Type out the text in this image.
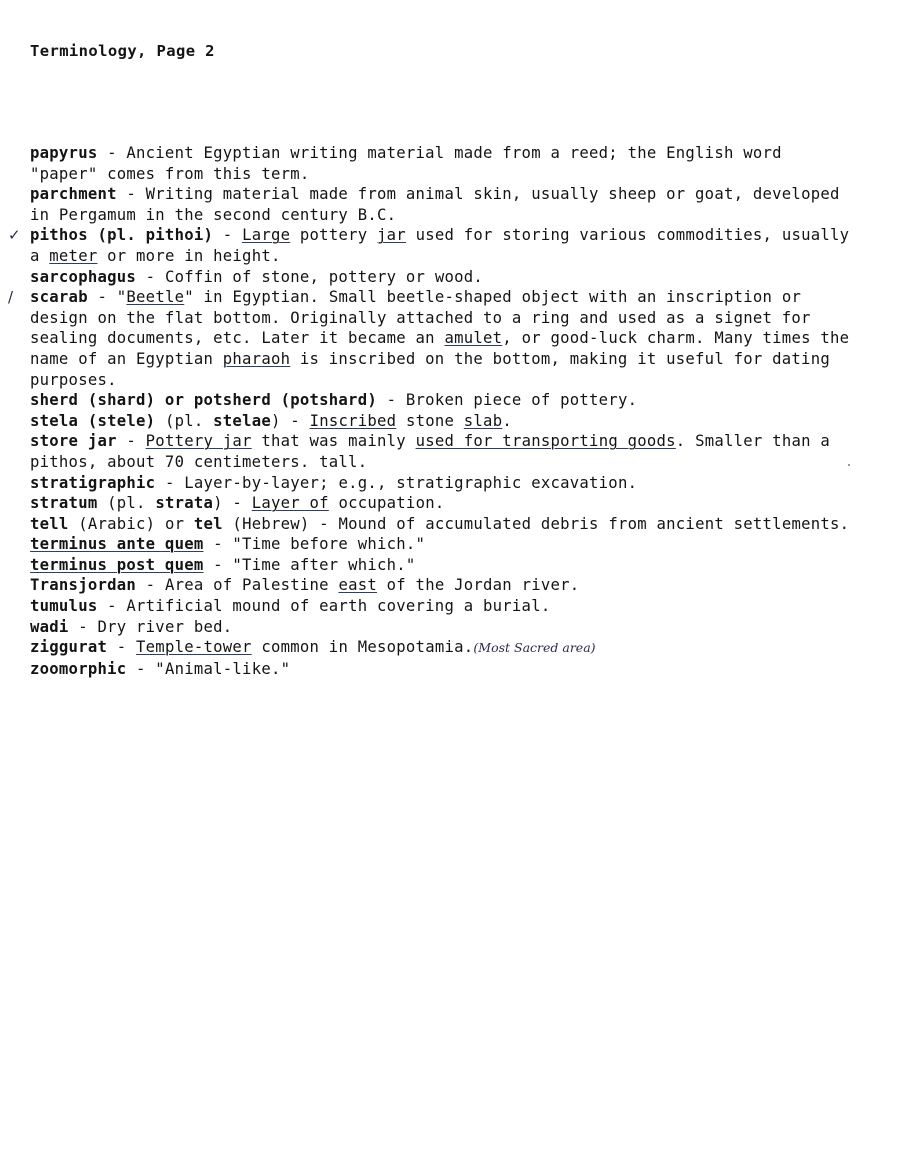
Terminology, Page 2

papyrus - Ancient Egyptian writing material made from a reed; the English word "paper" comes from this term.

parchment - Writing material made from animal skin, usually sheep or goat, developed in Pergamum in the second century B.C.

✓ pithos (pl. pithoi) - Large pottery jar used for storing various commodities, usually a meter or more in height.

sarcophagus - Coffin of stone, pottery or wood.

/ scarab - "Beetle" in Egyptian. Small beetle-shaped object with an inscription or design on the flat bottom. Originally attached to a ring and used as a signet for sealing documents, etc. Later it became an amulet, or good-luck charm. Many times the name of an Egyptian pharaoh is inscribed on the bottom, making it useful for dating purposes.

sherd (shard) or potsherd (potshard) - Broken piece of pottery.

stela (stele) (pl. stelae) - Inscribed stone slab.

store jar - Pottery jar that was mainly used for transporting goods. Smaller than a pithos, about 70 centimeters. tall.

stratigraphic - Layer-by-layer; e.g., stratigraphic excavation.

stratum (pl. strata) - Layer of occupation.

tell (Arabic) or tel (Hebrew) - Mound of accumulated debris from ancient settlements.

terminus ante quem - "Time before which."

terminus post quem - "Time after which."

Transjordan - Area of Palestine east of the Jordan river.

tumulus - Artificial mound of earth covering a burial.

wadi - Dry river bed.

ziggurat - Temple-tower common in Mesopotamia.(Most Sacred area)

zoomorphic - "Animal-like."
